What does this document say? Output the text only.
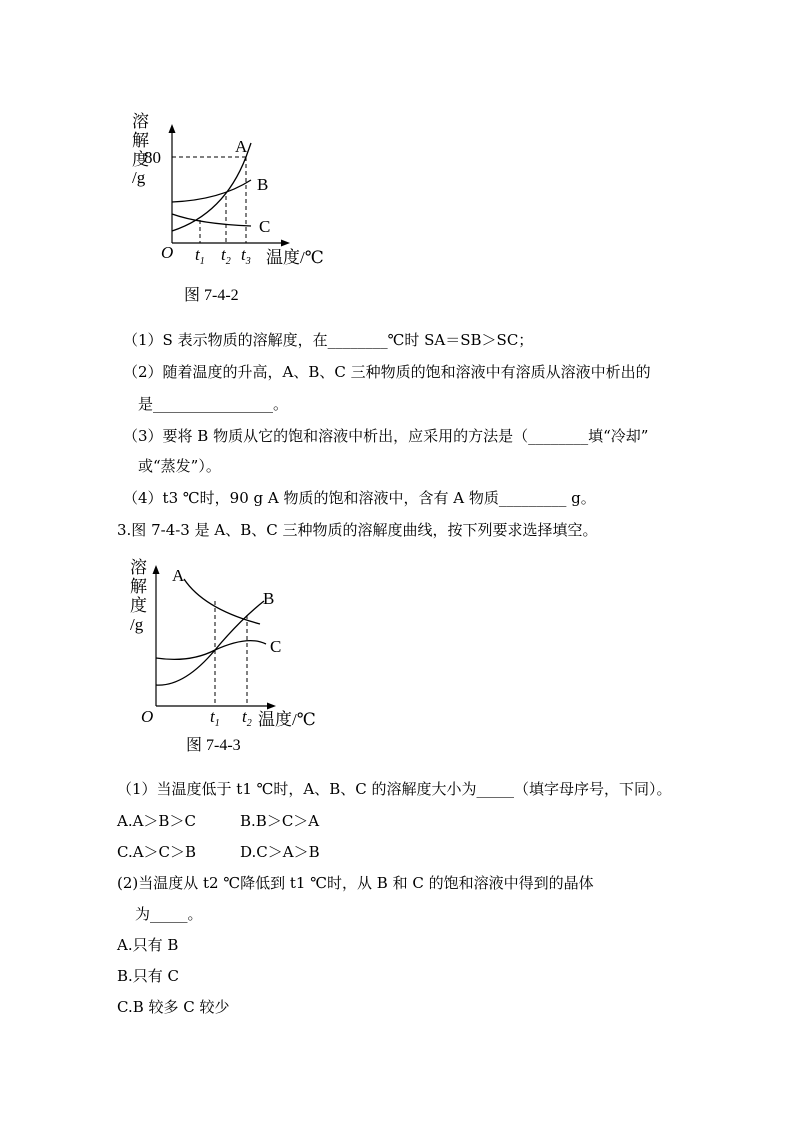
溶
解
度
/g
80
A
B
C
O $t_1$ $t_2$ $t_3$ 温度/℃
图 7-4-2
（1）S 表示物质的溶解度，在________℃时 SA＝SB＞SC；
（2）随着温度的升高，A、B、C 三种物质的饱和溶液中有溶质从溶液中析出的
是________________。
（3）要将 B 物质从它的饱和溶液中析出，应采用的方法是（________填“冷却”
或“蒸发”）。
（4）t3 ℃时，90 g A 物质的饱和溶液中，含有 A 物质_________ g。
3.图 7-4-3 是 A、B、C 三种物质的溶解度曲线，按下列要求选择填空。
溶
解
度
/g
A
B
C
O	$t_1$ $t_2$ 温度/℃
图 7-4-3
（1）当温度低于 t1 ℃时，A、B、C 的溶解度大小为_____（填字母序号，下同）。
A.A＞B＞C	B.B＞C＞A
C.A＞C＞B	D.C＞A＞B
(2)当温度从 t2 ℃降低到 t1 ℃时，从 B 和 C 的饱和溶液中得到的晶体
为_____。
A.只有 B
B.只有 C
C.B 较多 C 较少
